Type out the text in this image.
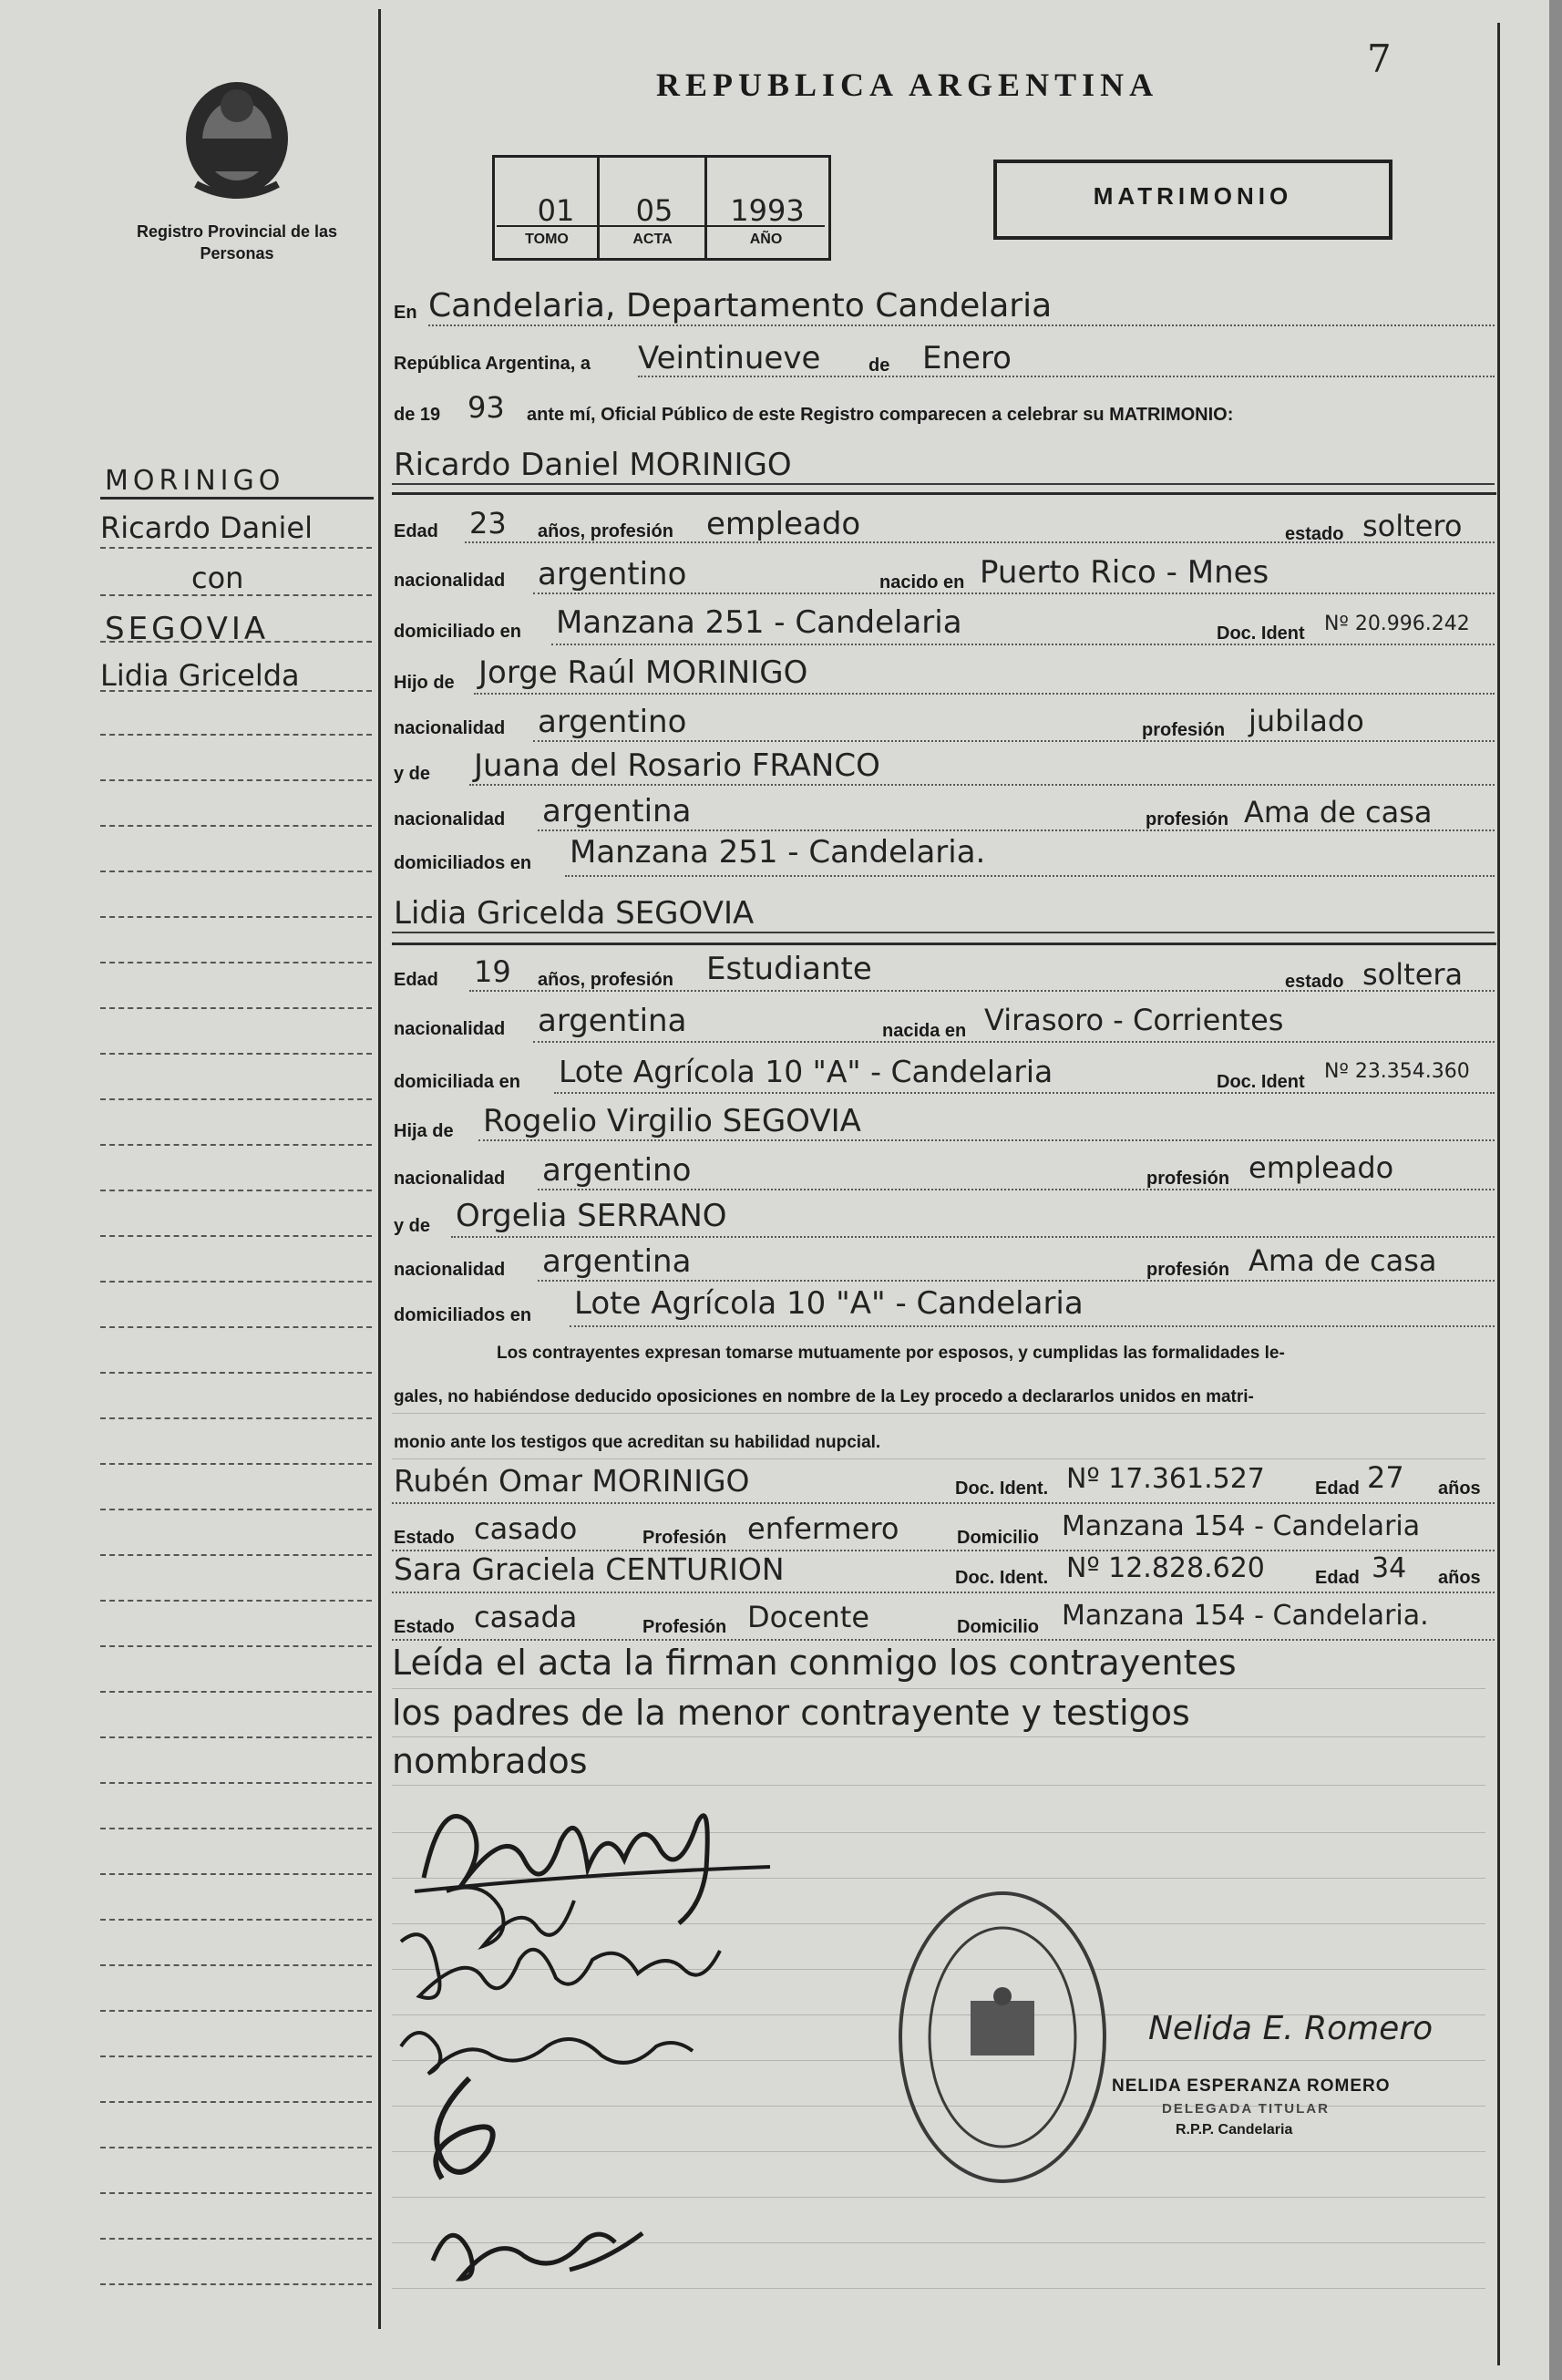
Registro Provincial de las Personas
REPUBLICA ARGENTINA
7
01	05	1993
TOMO	ACTA	AÑO
MATRIMONIO
MORINIGO
Ricardo Daniel
con
SEGOVIA
Lidia Gricelda
En Candelaria, Departamento Candelaria
República Argentina, a Veintinueve	de Enero
de 19 93 ante mí, Oficial Público de este Registro comparecen a celebrar su MATRIMONIO:
Ricardo Daniel MORINIGO
Edad 23 años, profesión empleado	estado soltero
nacionalidad argentino	nacido en Puerto Rico - Mnes
domiciliado en Manzana 251 - Candelaria	Doc. Ident Nº 20.996.242
Hijo de Jorge Raúl MORINIGO
nacionalidad argentino	profesión jubilado
y de Juana del Rosario FRANCO
nacionalidad argentina	profesión Ama de casa
domiciliados en Manzana 251 - Candelaria.
Lidia Gricelda SEGOVIA
Edad 19 años, profesión Estudiante	estado soltera
nacionalidad argentina	nacida en Virasoro - Corrientes
domiciliada en Lote Agrícola 10 "A" - Candelaria	Doc. Ident Nº 23.354.360
Hija de Rogelio Virgilio SEGOVIA
nacionalidad argentino	profesión empleado
y de Orgelia SERRANO
nacionalidad argentina	profesión Ama de casa
domiciliados en Lote Agrícola 10 "A" - Candelaria
Los contrayentes expresan tomarse mutuamente por esposos, y cumplidas las formalidades le-
gales, no habiéndose deducido oposiciones en nombre de la Ley procedo a declararlos unidos en matri-
monio ante los testigos que acreditan su habilidad nupcial.
Rubén Omar MORINIGO	Doc. Ident. Nº 17.361.527	Edad 27 años
Estado casado	Profesión enfermero	Domicilio Manzana 154 - Candelaria
Sara Graciela CENTURION	Doc. Ident. Nº 12.828.620	Edad 34 años
Estado casada	Profesión Docente	Domicilio Manzana 154 - Candelaria.
Leída el acta la firman conmigo los contrayentes
los padres de la menor contrayente y testigos
nombrados
Nelida E. Romero
NELIDA ESPERANZA ROMERO
DELEGADA TITULAR
R.P.P. Candelaria
